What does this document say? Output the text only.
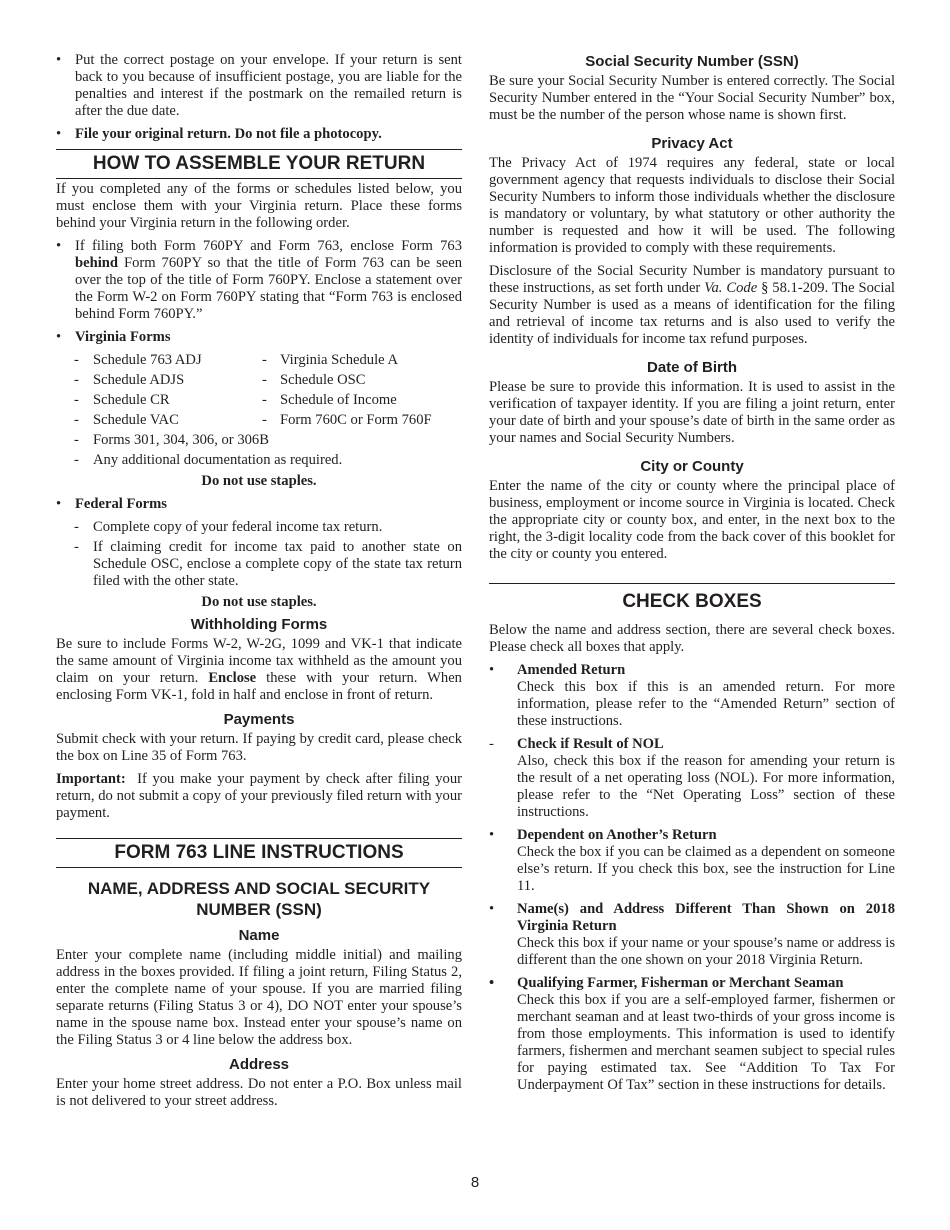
• Put the correct postage on your envelope. If your return is sent back to you because of insufficient postage, you are liable for the penalties and interest if the postmark on the remailed return is after the due date.
• File your original return. Do not file a photocopy.
HOW TO ASSEMBLE YOUR RETURN

If you completed any of the forms or schedules listed below, you must enclose them with your Virginia return. Place these forms behind your Virginia return in the following order.

• If filing both Form 760PY and Form 763, enclose Form 763 behind Form 760PY so that the title of Form 763 can be seen over the top of the title of Form 760PY. Enclose a statement over the Form W-2 on Form 760PY stating that “Form 763 is enclosed behind Form 760PY.”
• Virginia Forms
- Schedule 763 ADJ	- Virginia Schedule A
- Schedule ADJS	- Schedule OSC
- Schedule CR	- Schedule of Income
- Schedule VAC	- Form 760C or Form 760F
- Forms 301, 304, 306, or 306B
- Any additional documentation as required.
Do not use staples.
• Federal Forms
- Complete copy of your federal income tax return.
- If claiming credit for income tax paid to another state on Schedule OSC, enclose a complete copy of the state tax return filed with the other state.
Do not use staples.
Withholding Forms

Be sure to include Forms W-2, W-2G, 1099 and VK-1 that indicate the same amount of Virginia income tax withheld as the amount you claim on your return. Enclose these with your return. When enclosing Form VK-1, fold in half and enclose in front of return.

Payments

Submit check with your return. If paying by credit card, please check the box on Line 35 of Form 763.

Important: If you make your payment by check after filing your return, do not submit a copy of your previously filed return with your payment.

FORM 763 LINE INSTRUCTIONS
NAME, ADDRESS AND SOCIAL SECURITY NUMBER (SSN)
Name

Enter your complete name (including middle initial) and mailing address in the boxes provided. If filing a joint return, Filing Status 2, enter the complete name of your spouse. If you are married filing separate returns (Filing Status 3 or 4), DO NOT enter your spouse’s name in the spouse name box. Instead enter your spouse’s name on the Filing Status 3 or 4 line below the address box.

Address

Enter your home street address. Do not enter a P.O. Box unless mail is not delivered to your street address.

Social Security Number (SSN)

Be sure your Social Security Number is entered correctly. The Social Security Number entered in the “Your Social Security Number” box, must be the number of the person whose name is shown first.

Privacy Act

The Privacy Act of 1974 requires any federal, state or local government agency that requests individuals to disclose their Social Security Numbers to inform those individuals whether the disclosure is mandatory or voluntary, by what statutory or other authority the number is requested and how it will be used. The following information is provided to comply with these requirements.

Disclosure of the Social Security Number is mandatory pursuant to these instructions, as set forth under Va. Code § 58.1-209. The Social Security Number is used as a means of identification for the filing and retrieval of income tax returns and is also used to verify the identity of individuals for income tax refund purposes.

Date of Birth

Please be sure to provide this information. It is used to assist in the verification of taxpayer identity. If you are filing a joint return, enter your date of birth and your spouse’s date of birth in the same order as your names and Social Security Numbers.

City or County

Enter the name of the city or county where the principal place of business, employment or income source in Virginia is located. Check the appropriate city or county box, and enter, in the next box to the right, the 3-digit locality code from the back cover of this booklet for the city or county you entered.

CHECK BOXES

Below the name and address section, there are several check boxes. Please check all boxes that apply.

• Amended Return
Check this box if this is an amended return. For more information, please refer to the “Amended Return” section of these instructions.
- Check if Result of NOL
Also, check this box if the reason for amending your return is the result of a net operating loss (NOL). For more information, please refer to the “Net Operating Loss” section of these instructions.
• Dependent on Another’s Return
Check the box if you can be claimed as a dependent on someone else’s return. If you check this box, see the instruction for Line 11.
• Name(s) and Address Different Than Shown on 2018 Virginia Return
Check this box if your name or your spouse’s name or address is different than the one shown on your 2018 Virginia Return.
• Qualifying Farmer, Fisherman or Merchant Seaman
Check this box if you are a self-employed farmer, fishermen or merchant seaman and at least two-thirds of your gross income is from those employments. This information is used to identify farmers, fishermen and merchant seamen subject to special rules for paying estimated tax. See “Addition To Tax For Underpayment Of Tax” section in these instructions for details.
8
